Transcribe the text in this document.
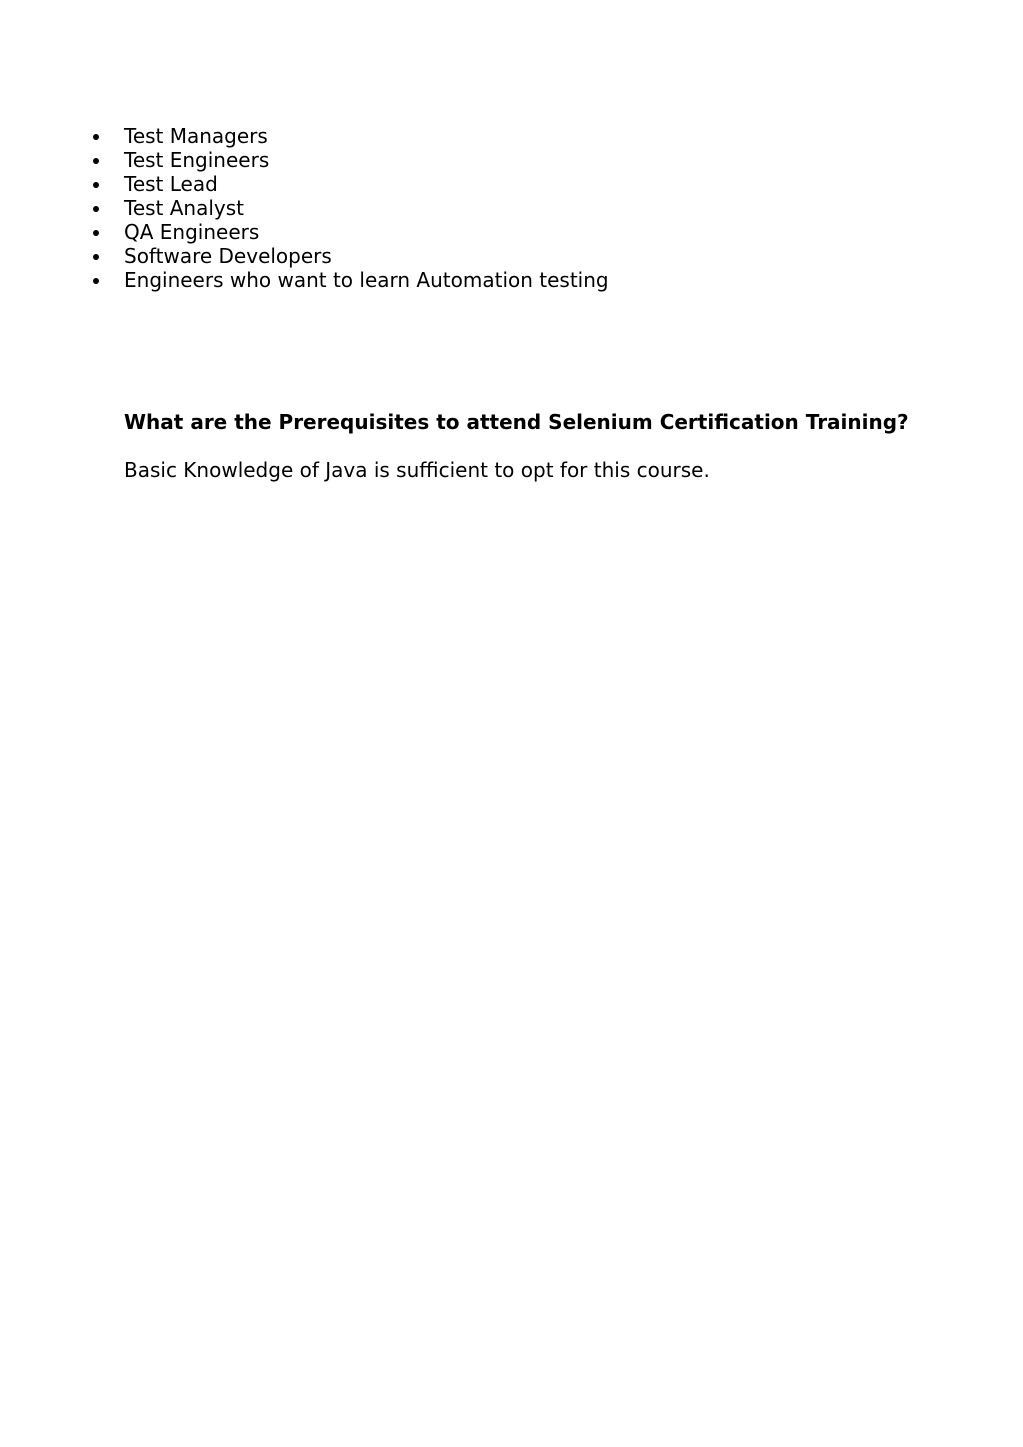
Test Managers
Test Engineers
Test Lead
Test Analyst
QA Engineers
Software Developers
Engineers who want to learn Automation testing
What are the Prerequisites to attend Selenium Certification Training?

Basic Knowledge of Java is sufficient to opt for this course.
